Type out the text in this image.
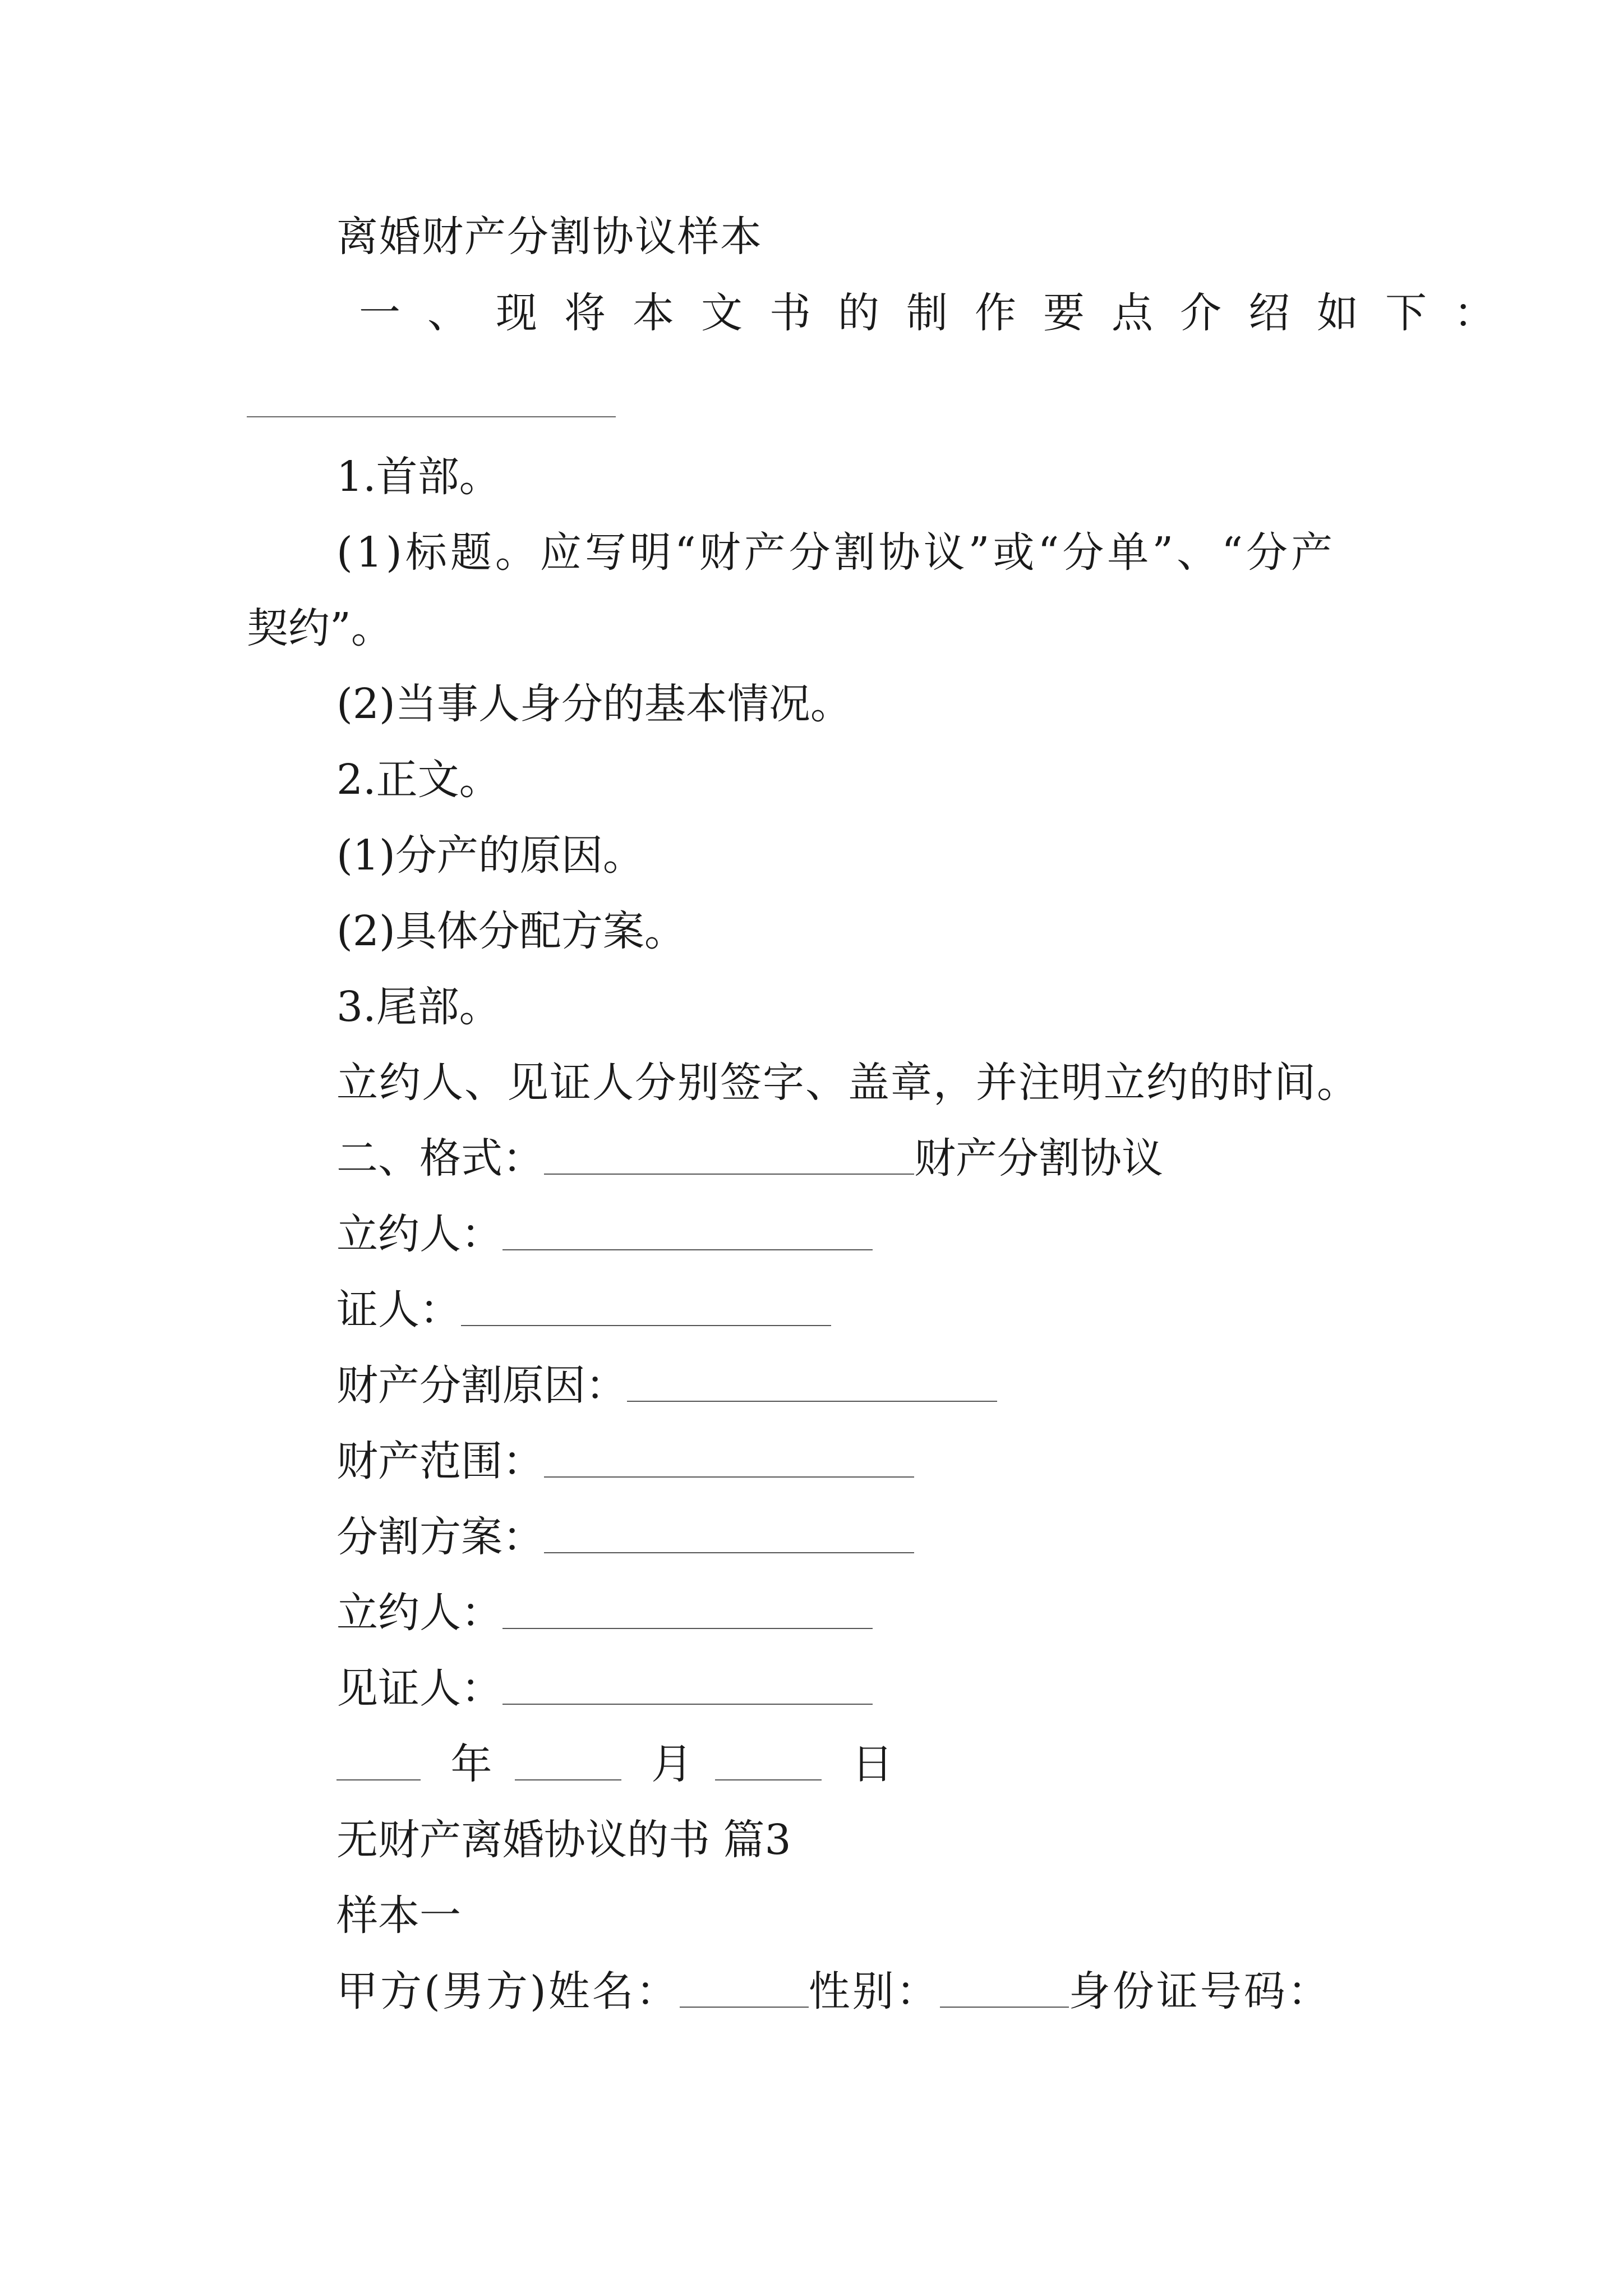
离婚财产分割协议样本
一、现将本文书的制作要点介绍如下：
1.首部。
(1)标题。应写明“财产分割协议”或“分单”、“分产
契约”。
(2)当事人身分的基本情况。
2.正文。
(1)分产的原因。
(2)具体分配方案。
3.尾部。
立约人、见证人分别签字、盖章，并注明立约的时间。
二、格式：	财产分割协议
立约人：
证人：
财产分割原因：
财产范围：
分割方案：
立约人：
见证人：
年	月	日
无财产离婚协议的书 篇3
样本一
甲方(男方)姓名：	性别：	身份证号码：
